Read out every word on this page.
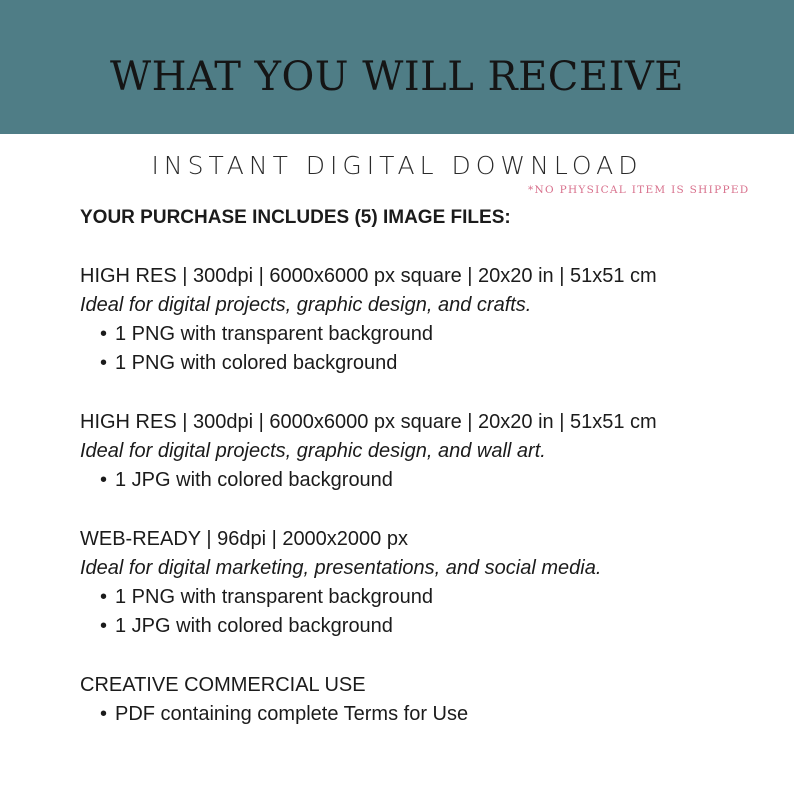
WHAT YOU WILL RECEIVE
INSTANT DIGITAL DOWNLOAD
*NO PHYSICAL ITEM IS SHIPPED
YOUR PURCHASE INCLUDES (5) IMAGE FILES:
HIGH RES | 300dpi | 6000x6000 px square | 20x20 in | 51x51 cm
Ideal for digital projects, graphic design, and crafts.
• 1 PNG with transparent background
• 1 PNG with colored background
HIGH RES | 300dpi | 6000x6000 px square | 20x20 in | 51x51 cm
Ideal for digital projects, graphic design, and wall art.
• 1 JPG with colored background
WEB-READY | 96dpi | 2000x2000 px
Ideal for digital marketing, presentations, and social media.
• 1 PNG with transparent background
• 1 JPG with colored background
CREATIVE COMMERCIAL USE
• PDF containing complete Terms for Use
